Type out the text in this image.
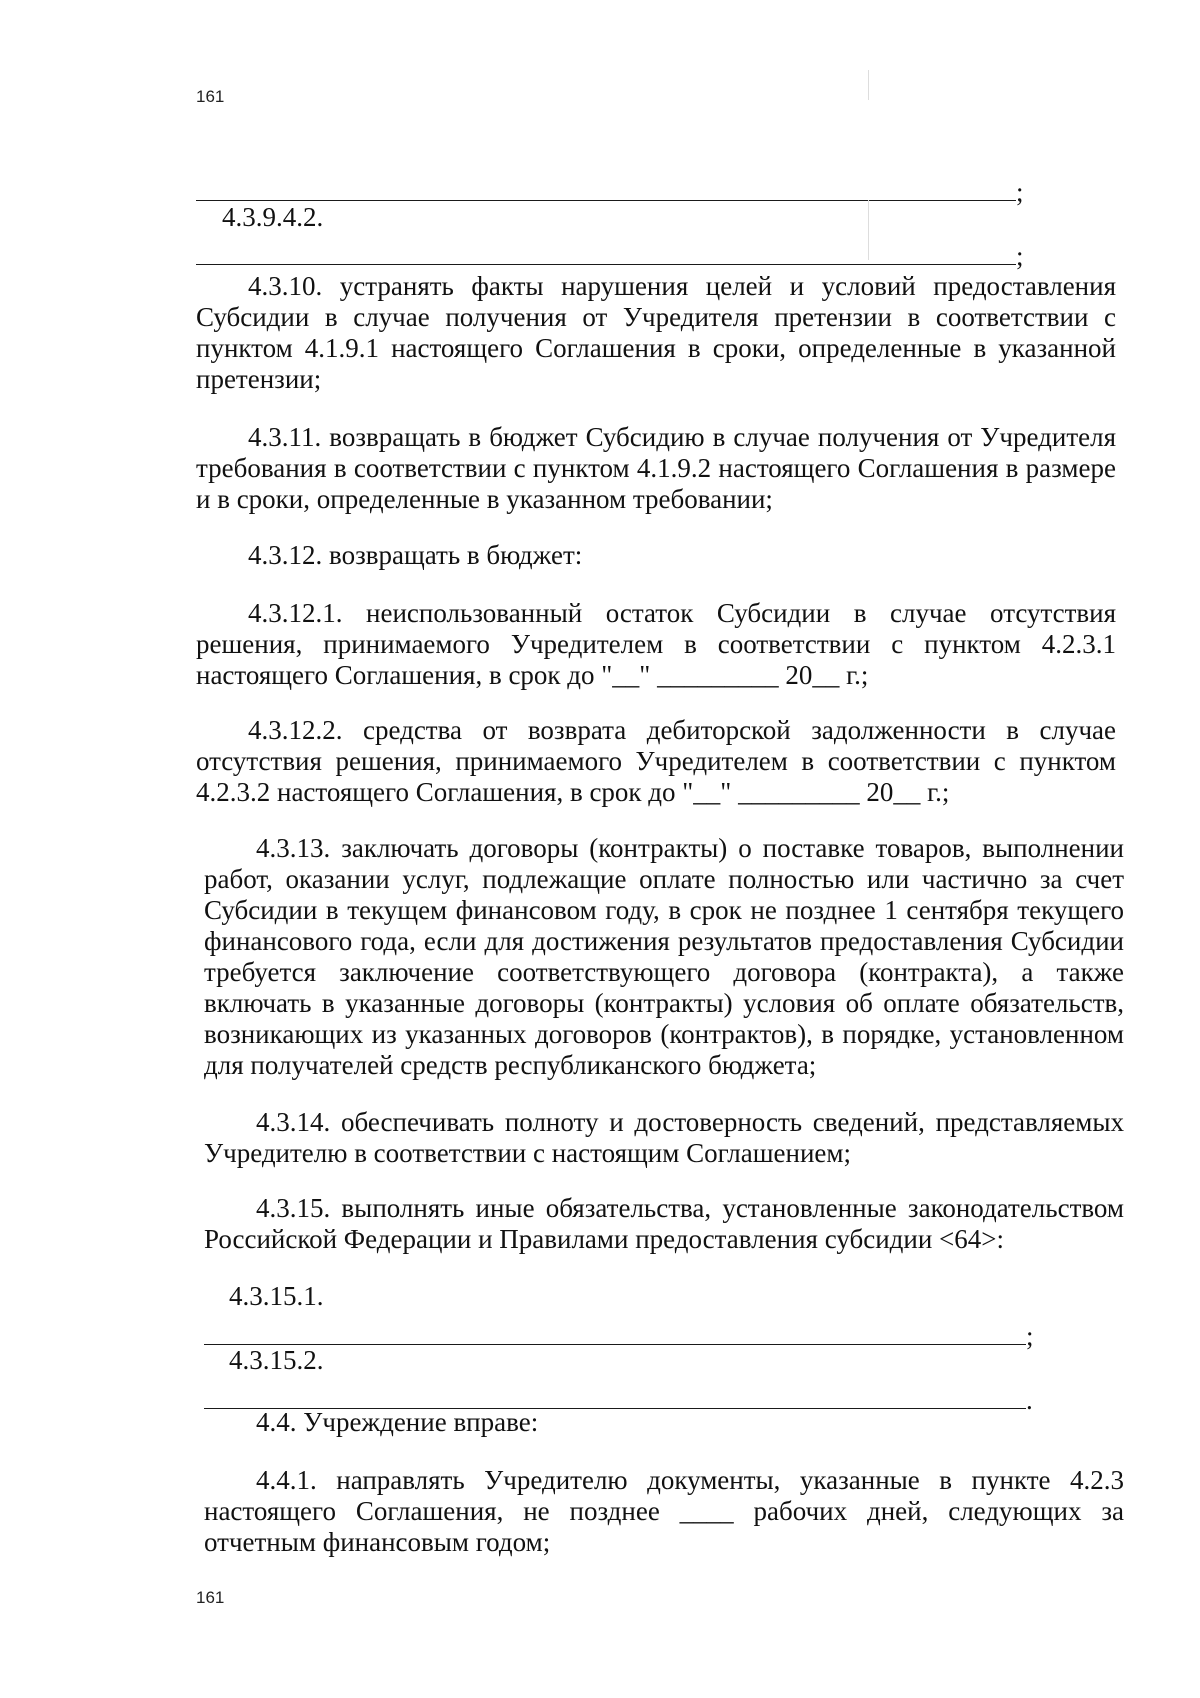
161
;
4.3.9.4.2.
;

4.3.10. устранять факты нарушения целей и условий предоставления Субсидии в случае получения от Учредителя претензии в соответствии с пунктом 4.1.9.1 настоящего Соглашения в сроки, определенные в указанной претензии;

4.3.11. возвращать в бюджет Субсидию в случае получения от Учредителя требования в соответствии с пунктом 4.1.9.2 настоящего Соглашения в размере и в сроки, определенные в указанном требовании;

4.3.12. возвращать в бюджет:

4.3.12.1. неиспользованный остаток Субсидии в случае отсутствия решения, принимаемого Учредителем в соответствии с пунктом 4.2.3.1 настоящего Соглашения, в срок до "__" _________ 20__ г.;

4.3.12.2. средства от возврата дебиторской задолженности в случае отсутствия решения, принимаемого Учредителем в соответствии с пунктом 4.2.3.2 настоящего Соглашения, в срок до "__" _________ 20__ г.;

4.3.13. заключать договоры (контракты) о поставке товаров, выполнении работ, оказании услуг, подлежащие оплате полностью или частично за счет Субсидии в текущем финансовом году, в срок не позднее 1 сентября текущего финансового года, если для достижения результатов предоставления Субсидии требуется заключение соответствующего договора (контракта), а также включать в указанные договоры (контракты) условия об оплате обязательств, возникающих из указанных договоров (контрактов), в порядке, установленном для получателей средств республиканского бюджета;

4.3.14. обеспечивать полноту и достоверность сведений, представляемых Учредителю в соответствии с настоящим Соглашением;

4.3.15. выполнять иные обязательства, установленные законодательством Российской Федерации и Правилами предоставления субсидии <64>:

4.3.15.1.
;
4.3.15.2.
.

4.4. Учреждение вправе:

4.4.1. направлять Учредителю документы, указанные в пункте 4.2.3 настоящего Соглашения, не позднее ____ рабочих дней, следующих за отчетным финансовым годом;

161
